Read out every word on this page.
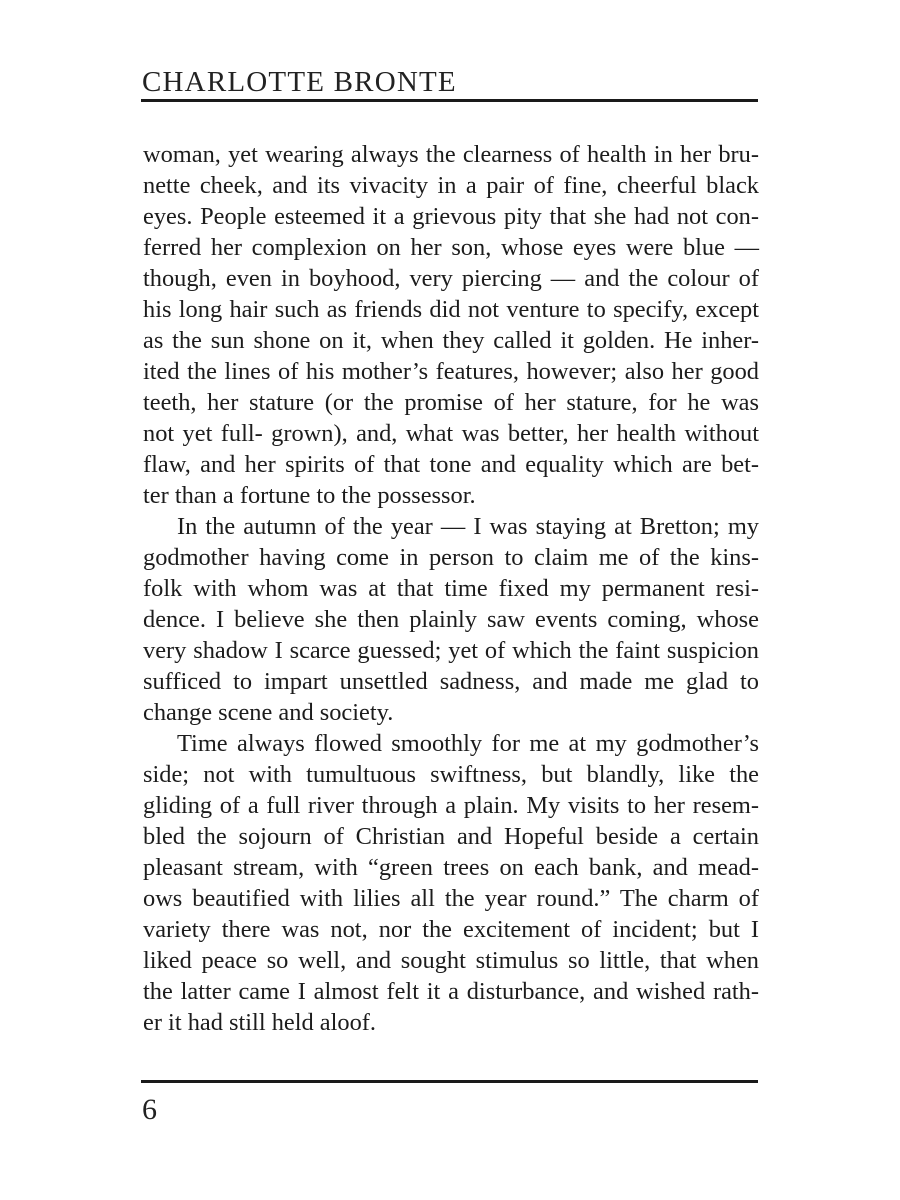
CHARLOTTE BRONTE
woman, yet wearing always the clearness of health in her bru-
nette cheek, and its vivacity in a pair of fine, cheerful black
eyes. People esteemed it a grievous pity that she had not con-
ferred her complexion on her son, whose eyes were blue —
though, even in boyhood, very piercing — and the colour of
his long hair such as friends did not venture to specify, except
as the sun shone on it, when they called it golden. He inher-
ited the lines of his mother’s features, however; also her good
teeth, her stature (or the promise of her stature, for he was
not yet full- grown), and, what was better, her health without
flaw, and her spirits of that tone and equality which are bet-
ter than a fortune to the possessor.
In the autumn of the year — I was staying at Bretton; my
godmother having come in person to claim me of the kins-
folk with whom was at that time fixed my permanent resi-
dence. I believe she then plainly saw events coming, whose
very shadow I scarce guessed; yet of which the faint suspicion
sufficed to impart unsettled sadness, and made me glad to
change scene and society.
Time always flowed smoothly for me at my godmother’s
side; not with tumultuous swiftness, but blandly, like the
gliding of a full river through a plain. My visits to her resem-
bled the sojourn of Christian and Hopeful beside a certain
pleasant stream, with “green trees on each bank, and mead-
ows beautified with lilies all the year round.” The charm of
variety there was not, nor the excitement of incident; but I
liked peace so well, and sought stimulus so little, that when
the latter came I almost felt it a disturbance, and wished rath-
er it had still held aloof.
6
